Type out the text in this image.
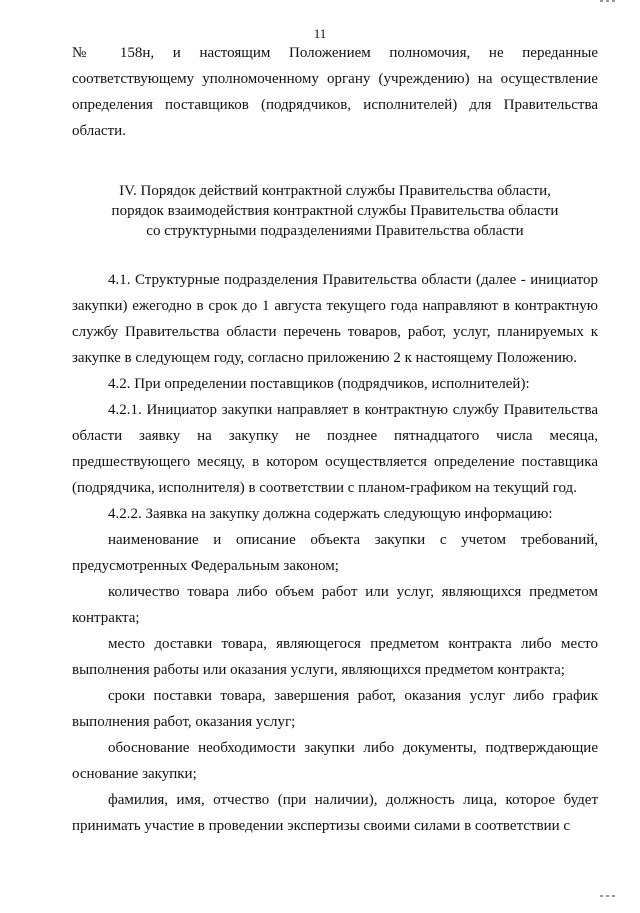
11

№ 158н, и настоящим Положением полномочия, не переданные соответствующему уполномоченному органу (учреждению) на осуществление определения поставщиков (подрядчиков, исполнителей) для Правительства области.

IV. Порядок действий контрактной службы Правительства области,
порядок взаимодействия контрактной службы Правительства области
со структурными подразделениями Правительства области

4.1. Структурные подразделения Правительства области (далее - инициатор закупки) ежегодно в срок до 1 августа текущего года направляют в контрактную службу Правительства области перечень товаров, работ, услуг, планируемых к закупке в следующем году, согласно приложению 2 к настоящему Положению.

4.2. При определении поставщиков (подрядчиков, исполнителей):

4.2.1. Инициатор закупки направляет в контрактную службу Правительства области заявку на закупку не позднее пятнадцатого числа месяца, предшествующего месяцу, в котором осуществляется определение поставщика (подрядчика, исполнителя) в соответствии с планом-графиком на текущий год.

4.2.2. Заявка на закупку должна содержать следующую информацию:

наименование и описание объекта закупки с учетом требований, предусмотренных Федеральным законом;

количество товара либо объем работ или услуг, являющихся предметом контракта;

место доставки товара, являющегося предметом контракта либо место выполнения работы или оказания услуги, являющихся предметом контракта;

сроки поставки товара, завершения работ, оказания услуг либо график выполнения работ, оказания услуг;

обоснование необходимости закупки либо документы, подтверждающие основание закупки;

фамилия, имя, отчество (при наличии), должность лица, которое будет принимать участие в проведении экспертизы своими силами в соответствии с
